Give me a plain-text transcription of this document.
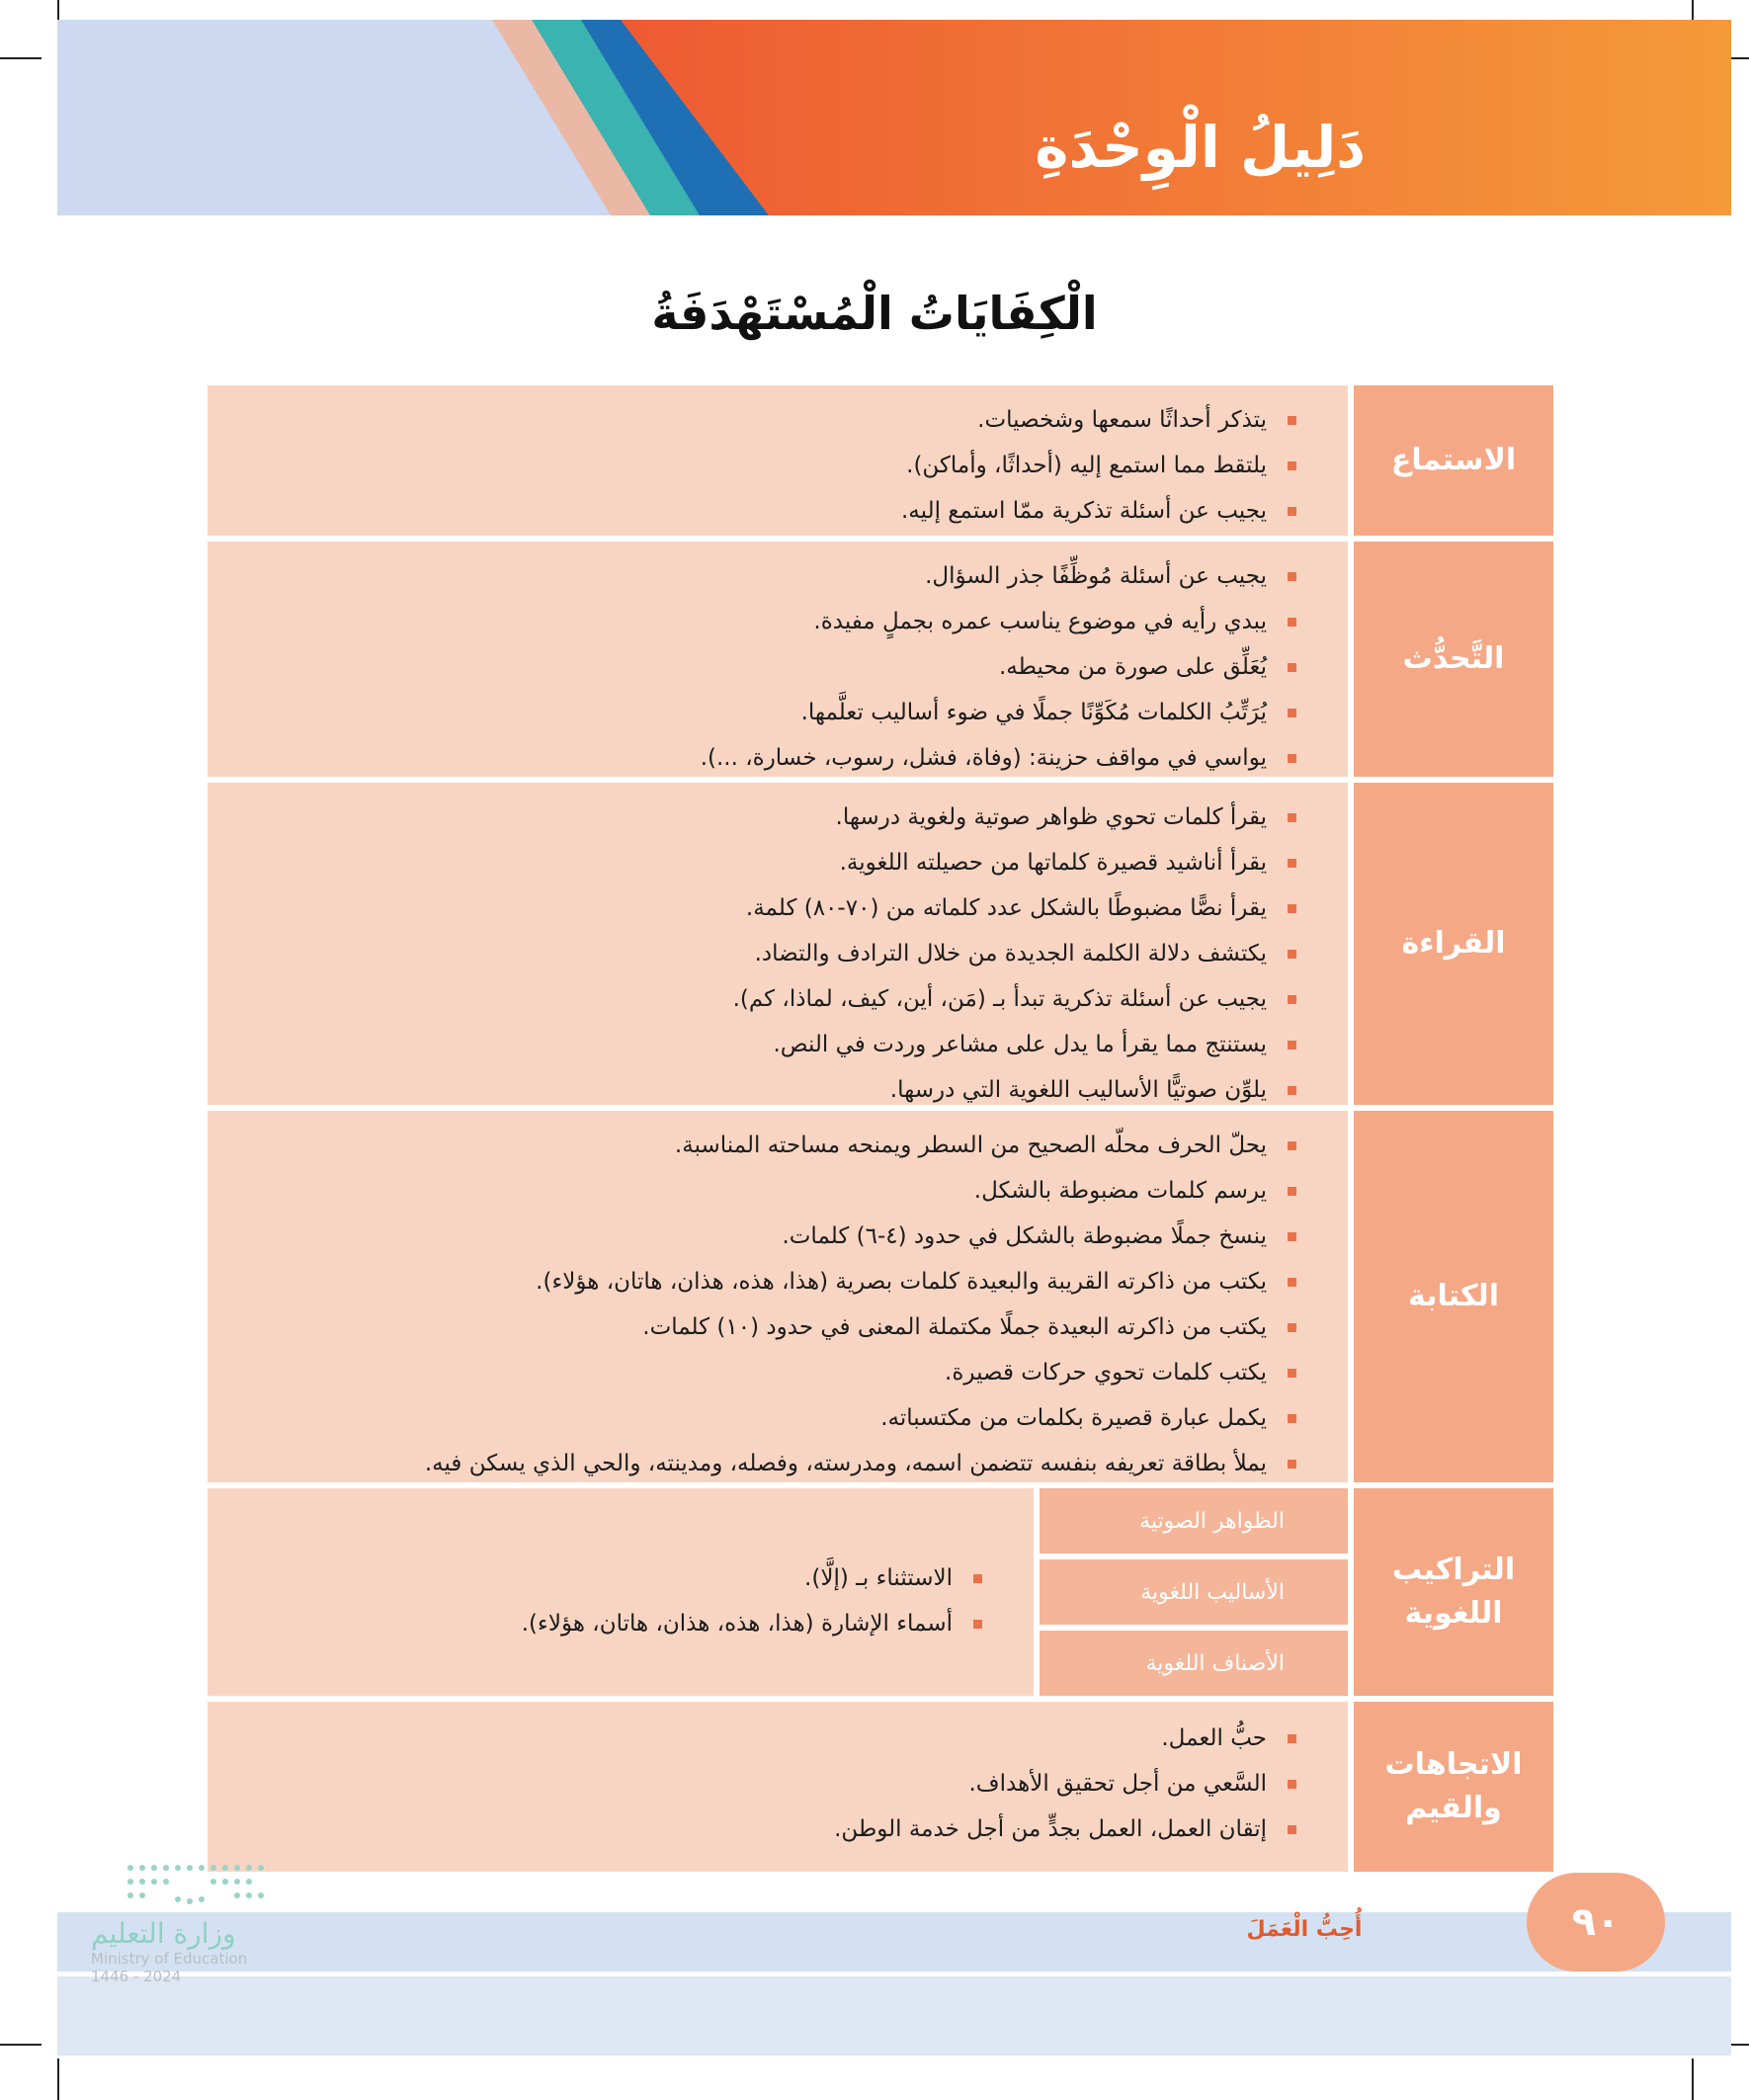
دَلِيلُ الْوِحْدَةِ
الْكِفَايَاتُ الْمُسْتَهْدَفَةُ
الاستماع
يتذكر أحداثًا سمعها وشخصيات.
يلتقط مما استمع إليه (أحداثًا، وأماكن).
يجيب عن أسئلة تذكرية ممّا استمع إليه.
التَّحدُّث
يجيب عن أسئلة مُوظِّفًا جذر السؤال.
يبدي رأيه في موضوع يناسب عمره بجملٍ مفيدة.
يُعَلِّق على صورة من محيطه.
يُرَتِّبُ الكلمات مُكَوِّنًا جملًا في ضوء أساليب تعلَّمها.
يواسي في مواقف حزينة: (وفاة، فشل، رسوب، خسارة، ...).
القراءة
يقرأ كلمات تحوي ظواهر صوتية ولغوية درسها.
يقرأ أناشيد قصيرة كلماتها من حصيلته اللغوية.
يقرأ نصًّا مضبوطًا بالشكل عدد كلماته من (٧٠-٨٠) كلمة.
يكتشف دلالة الكلمة الجديدة من خلال الترادف والتضاد.
يجيب عن أسئلة تذكرية تبدأ بـ (مَن، أين، كيف، لماذا، كم).
يستنتج مما يقرأ ما يدل على مشاعر وردت في النص.
يلوِّن صوتيًّا الأساليب اللغوية التي درسها.
الكتابة
يحلّ الحرف محلّه الصحيح من السطر ويمنحه مساحته المناسبة.
يرسم كلمات مضبوطة بالشكل.
ينسخ جملًا مضبوطة بالشكل في حدود (٤-٦) كلمات.
يكتب من ذاكرته القريبة والبعيدة كلمات بصرية (هذا، هذه، هذان، هاتان، هؤلاء).
يكتب من ذاكرته البعيدة جملًا مكتملة المعنى في حدود (١٠) كلمات.
يكتب كلمات تحوي حركات قصيرة.
يكمل عبارة قصيرة بكلمات من مكتسباته.
يملأ بطاقة تعريفه بنفسه تتضمن اسمه، ومدرسته، وفصله، ومدينته، والحي الذي يسكن فيه.
التراكيب
اللغوية
الظواهر الصوتية
الأساليب اللغوية
الأصناف اللغوية
الاستثناء بـ (إلَّا).
أسماء الإشارة (هذا، هذه، هذان، هاتان، هؤلاء).
الاتجاهات
والقيم
حبُّ العمل.
السَّعي من أجل تحقيق الأهداف.
إتقان العمل، العمل بجدٍّ من أجل خدمة الوطن.
٩٠
أُحِبُّ الْعَمَلَ
وزارة التعليم
Ministry of Education
2024 - 1446
